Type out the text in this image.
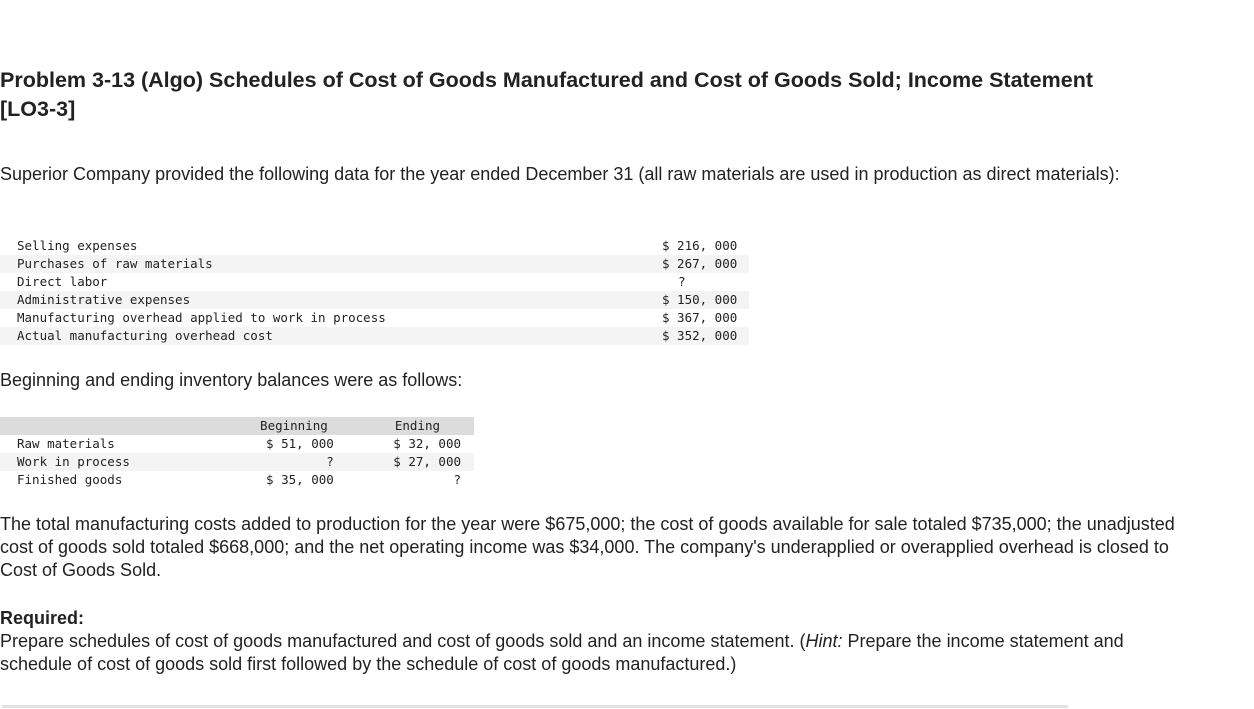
Problem 3-13 (Algo) Schedules of Cost of Goods Manufactured and Cost of Goods Sold; Income Statement [LO3-3]

Superior Company provided the following data for the year ended December 31 (all raw materials are used in production as direct materials):

Selling expenses	$ 216, 000
Purchases of raw materials	$ 267, 000
Direct labor	?
Administrative expenses	$ 150, 000
Manufacturing overhead applied to work in process	$ 367, 000
Actual manufacturing overhead cost	$ 352, 000

Beginning and ending inventory balances were as follows:

	Beginning	Ending
Raw materials	$ 51, 000	$ 32, 000
Work in process	?	$ 27, 000
Finished goods	$ 35, 000	?

The total manufacturing costs added to production for the year were $675,000; the cost of goods available for sale totaled $735,000; the unadjusted cost of goods sold totaled $668,000; and the net operating income was $34,000. The company's underapplied or overapplied overhead is closed to Cost of Goods Sold.

Required:

Prepare schedules of cost of goods manufactured and cost of goods sold and an income statement. (Hint: Prepare the income statement and schedule of cost of goods sold first followed by the schedule of cost of goods manufactured.)
